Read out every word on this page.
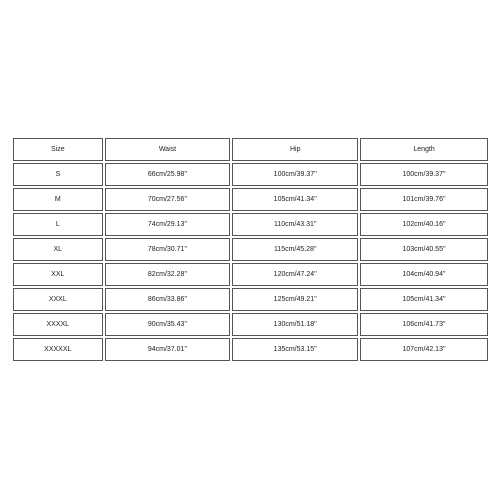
Size	Waist	Hip	Length
S	66cm/25.98''	100cm/39.37''	100cm/39.37''
M	70cm/27.56''	105cm/41.34''	101cm/39.76''
L	74cm/29.13''	110cm/43.31''	102cm/40.16''
XL	78cm/30.71''	115cm/45.28''	103cm/40.55''
XXL	82cm/32.28''	120cm/47.24''	104cm/40.94''
XXXL	86cm/33.86''	125cm/49.21''	105cm/41.34''
XXXXL	90cm/35.43''	130cm/51.18''	106cm/41.73''
XXXXXL	94cm/37.01''	135cm/53.15''	107cm/42.13''
